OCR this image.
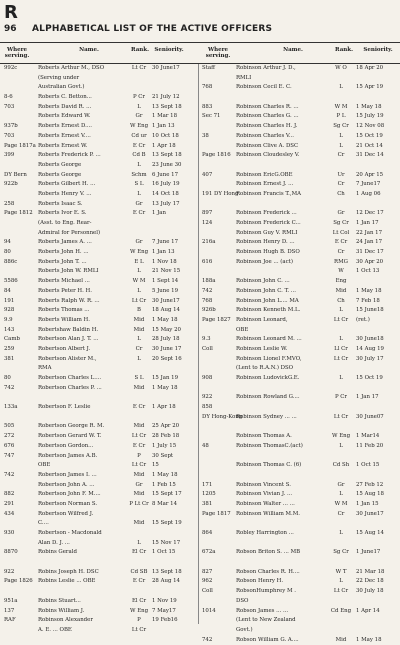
R
96 ALPHABETICAL LIST OF THE ACTIVE OFFICERS
Where serving.
Name.	Rank. Seniority.	Where serving.
Name.	Rank.	Seniority.
992c	Roberts Arthur M., DSO	Lt Cr	30 June17
(Serving under
Australian Govt.)
8-6	Roberts C. Betton...	P Cr	21 July 12
703	Roberts David R. ...	L	13 Sept 18
Roberts Edward W.	Gr	1 Mar 18
937b	Roberts Ernest D....	W Eng 1 Jan 13
703	Roberts Ernest V....	Cd ur 10 Oct 18
Page 1817a Roberts Ernest W.	E Cr	1 Apr 18
399	Roberts Frederick P. ...	Cd B	13 Sept 18
Roberts George	L	23 June 30
DY Bern	Roberts George	Schm 6 June 17
922b	Roberts Gilbert H. ...	S L	16 July 19
Roberts Henry V. ...	L	14 Oct 18
258	Roberts Isaac S.	Gr	13 July 17
Page 1812 Roberts Ivor E. S.	E Cr	1 Jan
(Asst. to Eng. Rear-
Admiral for Personnel)
94	Roberts James A. ...	Gr	7 June 17
80	Roberts John H. ...	W Eng 1 Jan 13
886c	Roberts John T. ...	E L	1 Nov 18
Roberts John W. RMLI	L	21 Nov 15
5586	Roberts Michael ...	W M	1 Sept 14
84	Roberts Peter H. H.	L	5 June 19
191	Roberts Ralph W. R. ...	Lt Cr	30 June17
928	Roberts Thomas ...	B	18 Aug 14
9.9	Roberts William H.	Mid	1 May 18
143	Robertshaw Baldin H.	Mid	15 May 20
Camb	Robertson Alan J. T. ...	L	28 July 18
259	Robertson Albert J.	Cr	30 June 17
381	Robertson Alister M.,	L	20 Sept 16
RMA
80	Robertson Charles L....	S L	15 Jan 19
742	Robertson Charles P. ...	Mid	1 May 18
133a	Robertson F. Leslie	E Cr	1 Apr 18
505	Robertson George R. M.	Mid	25 Apr 20
272	Robertson Gerard W. T.	Lt Cr	28 Feb 18
676	Robertson Gordon...	E Cr	1 July 15
747	Robertson James A.B.	P	30 Sept
OBE	Lt Cr	15
742	Robertson James I. ...	Mid	1 May 18
Robertson John A. ...	Gr	1 Feb 15
882	Robertson John F. M....	Mid	15 Sept 17
291	Robertson Norman S.	P Lt Cr 8 Mar 14
434	Robertson Wilfred J.
C....	Mid	15 Sept 19
930	Robertson - Macdonald
Alan D. J. ...	L	15 Nov 17
8870	Robins Gerald	El Cr	1 Oct 15
922	Robins Joseph H. DSC	Cd SB 13 Sept 18
Page 1826 Robins Leslie ... OBE	E Cr	28 Aug 14
951a	Robins Stuart...	El Cr	1 Nov 19
137	Robins William J.	W Eng 7 May17
RAF	Robinson Alexander	P	19 Feb16
A. E. ... OBE	Lt Cr
Staff	Robinson Arthur J. D.,	W O	18 Apr 20
RMLI
768	Robinson Cecil E. C.	L	15 Apr 19
883	Robinson Charles R. ...	W M	1 May 18
Sec 71	Robinson Charles G. ...	P L	15 July 19
Robinson Charles H. J.	Sg Cr	12 Nov 08
38	Robinson Charles V...	L	15 Oct 19
Robinson Clive A. DSC	L	21 Oct 14
Page 1816 Robinson Cloudesley V.	Cr	31 Dec 14
407	Robinson EricG.OBE	Ur	20 Apr 15
Robinson Ernest J. ...	Cr	7 June17
191 DY Hong
Robinson Francis T.,MA	Ch	1 Aug 06
897	Robinson Frederick ...	Gr	12 Dec 17
124	Robinson Frederick C...	Sg Cr	1 Jan 17
Robinson Guy V. RMLI	Lt Col	22 Jan 17
216a	Robinson Henry D. ...	E Cr	24 Jan 17
Robinson Hugh B. DSO	Cr	31 Dec 17
616	Robinson Joe ... (act)	RMG	30 Apr 20
W	1 Oct 13
188a	Robinson John C. ...	Eng
742	Robinson John C. T. ...	Mid	1 May 18
768	Robinson John L.... MA	Ch	7 Feb 18
926b	Robinson Kenneth M.L.	L	15 June18
Page 1827 Robinson Leonard,	Lt Cr	(ret.)
OBE
9.3	Robinson Leonard M. ...	L	30 June18
Coll	Robinson Leslie W.	Ll Cr	14 Aug 19
Robinson Lionel F.MVO,	Lt Cr	30 July 17
(Lent to R.A.N.) DSO
908	Robinson LudovickG.E.	L	15 Oct 19
922	Robinson Rowland G....	P Cr	1 Jan 17
858
DY Hong-Kong
Robinson Sydney ... ...	Lt Cr	30 June07
Robinson Thomas A.	W Eng	1 Mar14
48	Robinson ThomasC.(act)	L	11 Feb 20
Robinson Thomas C. (6)	Cd Sh	1 Oct 15
171	Robinson Vincent S.	Gr	27 Feb 12
1205	Robinson Vivian J. ...	L	15 Aug 18
381	Robinson Walter ... ...	W M	1 Jan 15
Page 1817 Robinson William M.M.	Cr	30 June17
864	Robley Harrington ...	L	15 Aug 14
672a	Robson Briton S. ... MB	Sg Cr	1 June17
827	Robson Charles R. H....	W T	21 Mar 18
962	Robson Henry H.	L	22 Dec 18
Coll	RobsonHumphrey M .	Lt Cr	30 July 18
DSO
1014	Robson James ... ...	Cd Eng 1 Apr 14
(Lent to New Zealand
Govt.)
742	Robson William G. A....	Mid	1 May 18
